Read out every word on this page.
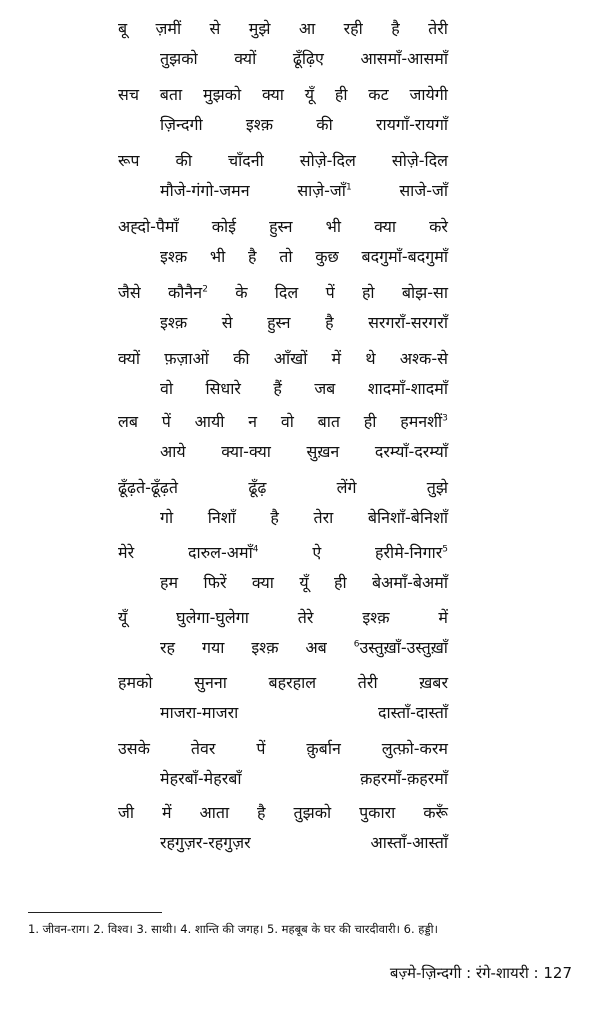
बू ज़मीं से मुझे आ रही है तेरी
तुझको क्यों ढूँढ़िए आसमाँ-आसमाँ
सच बता मुझको क्या यूँ ही कट जायेगी
ज़िन्दगी	इश्क़	की	रायगाँ-रायगाँ
रूप की चाँदनी सोज़े-दिल सोज़े-दिल
मौजे-गंगो-जमन	साज़े-जाँ$^1$	साजे-जाँ
अह्दो-पैमाँ कोई हुस्न भी क्या करे
इश्क़ भी है तो कुछ बदगुमाँ-बदगुमाँ
जैसे कौनैन$^2$ के दिल पें हो बोझ-सा
इश्क़ से हुस्न है सरगराँ-सरगराँ
क्यों फ़ज़ाओं की आँखों में थे अश्क-से
वो सिधारे हैं जब शादमाँ-शादमाँ
लब पें आयी न वो बात ही हमनशीं$^3$
आये क्या-क्या सुख़न दरम्याँ-दरम्याँ
ढूँढ़ते-ढूँढ़ते	ढूँढ़	लेंगे	तुझे
गो निशाँ है तेरा बेनिशाँ-बेनिशाँ
मेरे	दारुल-अमाँ$^4$	ऐ	हरीमे-निगार$^5$
हम फिरें क्या यूँ ही बेअमाँ-बेअमाँ
यूँ	घुलेगा-घुलेगा	तेरे	इश्क़	में
रह गया इश्क़ अब	$^6$उस्तुख़ाँ-उस्तुख़ाँ
हमको	सुनना	बहरहाल	तेरी	ख़बर
माजरा-माजरा	दास्ताँ-दास्ताँ
उसके	तेवर	पें	क़ुर्बान	लुत्फ़ो-करम
मेहरबाँ-मेहरबाँ	क़हरमाँ-क़हरमाँ
जी में आता है तुझको पुकारा करूँ
रहगुज़र-रहगुज़र	आस्ताँ-आस्ताँ
1. जीवन-राग। 2. विश्व। 3. साथी। 4. शान्ति की जगह। 5. महबूब के घर की चारदीवारी। 6. हड्डी।
बज़्मे-ज़िन्दगी : रंगे-शायरी : 127
